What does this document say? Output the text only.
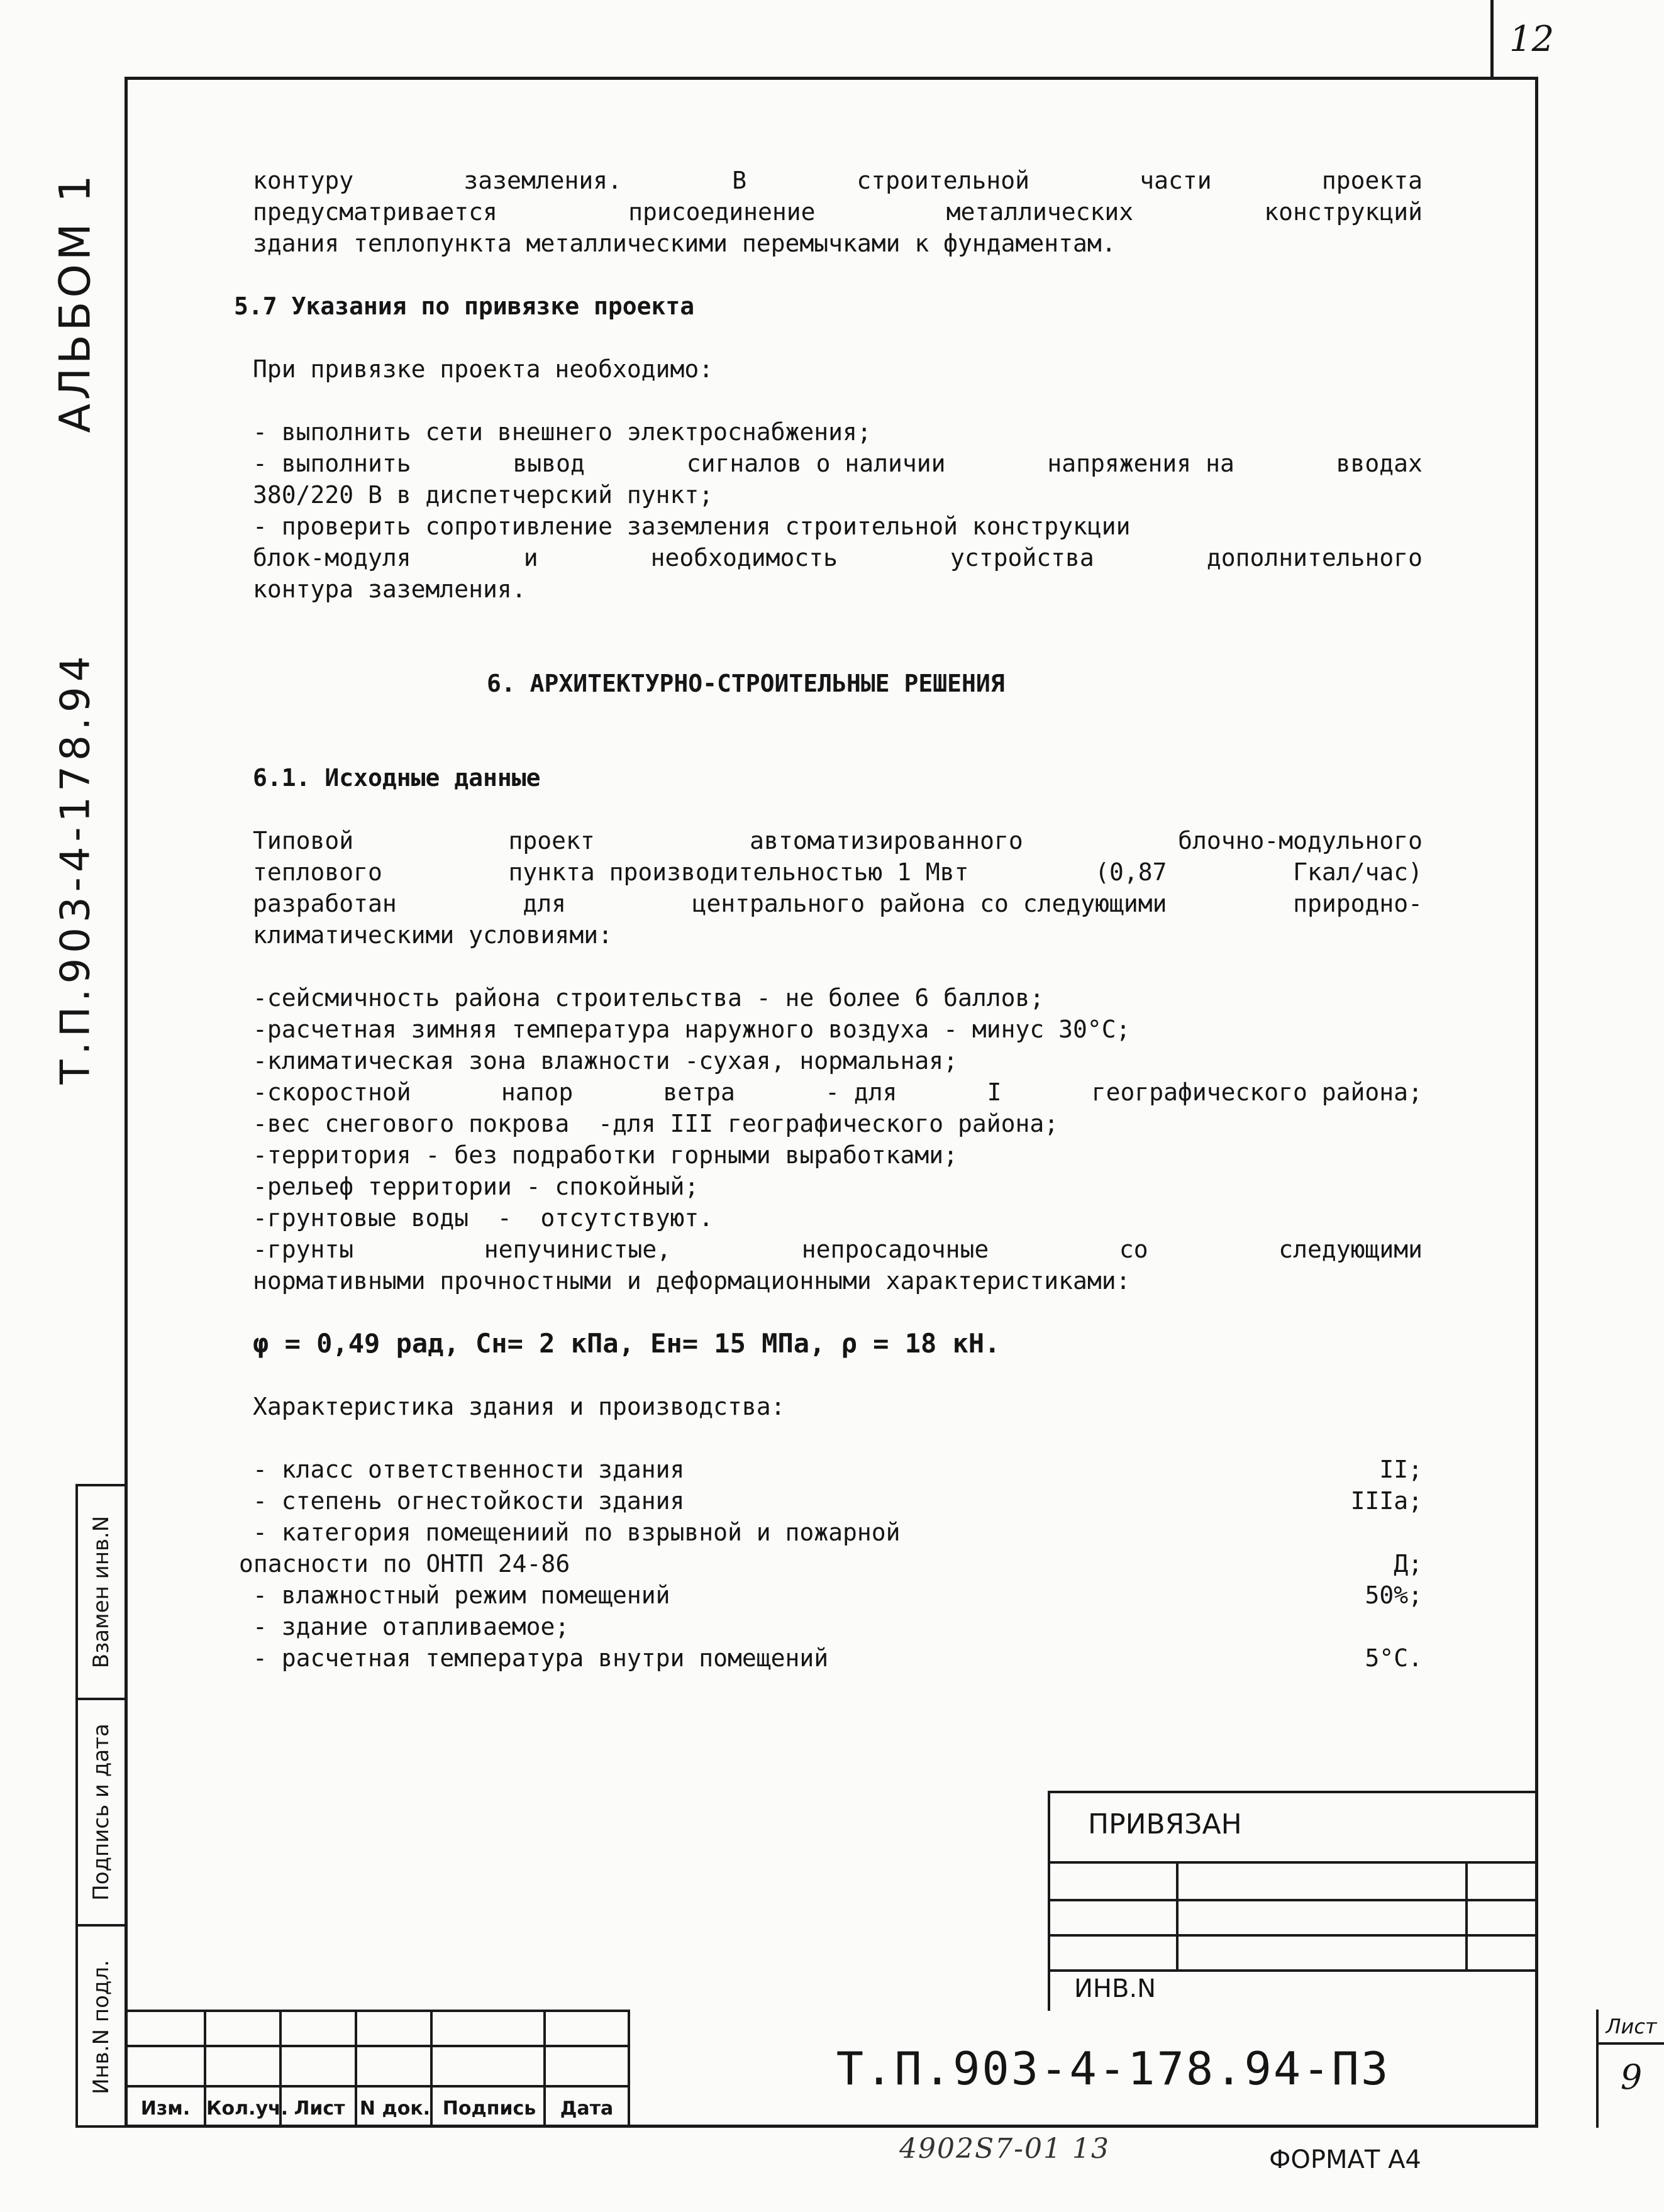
12
АЛЬБОМ 1
Т.П.903-4-178.94
Инв.N подл.
Подпись и дата
Взамен инв.N
контуру	заземления.	В	строительной	части	проекта
предусматривается	присоединение	металлических	конструкций
здания теплопункта металлическими перемычками к фундаментам.
5.7 Указания по привязке проекта
При привязке проекта необходимо:
- выполнить сети внешнего электроснабжения;
- выполнить	вывод	сигналов о наличии	напряжения на	вводах
380/220 В в диспетчерский пункт;
- проверить сопротивление заземления строительной конструкции
блок-модуля	и	необходимость	устройства	дополнительного
контура заземления.
6. АРХИТЕКТУРНО-СТРОИТЕЛЬНЫЕ РЕШЕНИЯ
6.1. Исходные данные
Типовой	проект	автоматизированного	блочно-модульного
теплового	пункта производительностью 1 Мвт	(0,87	Гкал/час)
разработан	для	центрального района со следующими	природно-
климатическими условиями:
-сейсмичность района строительства - не более 6 баллов;
-расчетная зимняя температура наружного воздуха - минус 30°С;
-климатическая зона влажности -сухая, нормальная;
-скоростной	напор	ветра	- для	I	географического района;
-вес снегового покрова  -для III географического района;
-территория - без подработки горными выработками;
-рельеф территории - спокойный;
-грунтовые воды  -  отсутствуют.
-грунты	непучинистые,	непросадочные	со	следующими
нормативными прочностными и деформационными характеристиками:
φ = 0,49 рад, Сн= 2 кПа, Ен= 15 МПа, ρ = 18 кН.
Характеристика здания и производства:
- класс ответственности здания	II;
- степень огнестойкости здания	IIIa;
- категория помещениий по взрывной и пожарной
опасности по ОНТП 24-86	Д;
- влажностный режим помещений	50%;
- здание отапливаемое;
- расчетная температура внутри помещений	5°С.
ПРИВЯЗАН
ИНВ.N
Изм. Кол.уч. Лист N док. Подпись	Дата
Т.П.903-4-178.94-ПЗ
Лист
9
4902S7-01 13	ФОРМАТ А4
